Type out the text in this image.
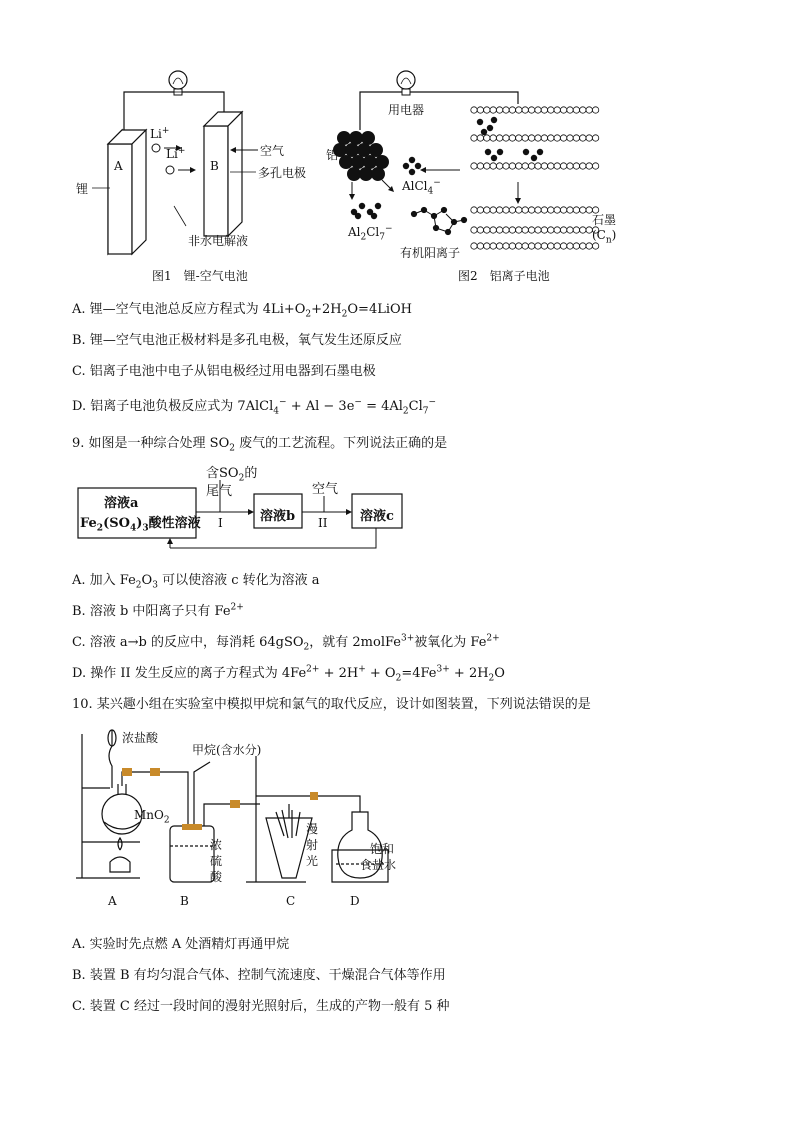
A	B
Li+
Li+
锂
空气
多孔电极
非水电解液
图1　锂-空气电池
用电器
铝
AlCl$_4$−
$Al_2Cl_7^-$
有机阳离子
石墨
$(C_n)$
图2　铝离子电池
A. 锂—空气电池总反应方程式为 $4Li+O_2+2H_2O=4LiOH$
B. 锂—空气电池正极材料是多孔电极，氧气发生还原反应
C. 铝离子电池中电子从铝电极经过用电器到石墨电极
D. 铝离子电池负极反应式为 7AlCl$_4$− + $Al - 3e^- = 4Al_2Cl_7^-$
9. 如图是一种综合处理 $SO_2$ 废气的工艺流程。下列说法正确的是
溶液a
$Fe_2(SO_4)_3$酸性溶液
含$SO_2$的
尾气
I	溶液b
空气
II	溶液c
A. 加入 $Fe_2O_3$ 可以使溶液 c 转化为溶液 a
B. 溶液 b 中阳离子只有 $Fe^{2+}$
C. 溶液 a→b 的反应中，每消耗 64gSO$_2$，就有 2molFe$^{3+}$被氧化为 $Fe^{2+}$
D. 操作 II 发生反应的离子方程式为 $4Fe^{2+} + 2H^+ + O_2=4Fe^{3+} + 2H_2O$
10. 某兴趣小组在实验室中模拟甲烷和氯气的取代反应，设计如图装置，下列说法错误的是
浓盐酸
甲烷(含水分)
MnO$_2$
浓
硫
酸
漫
射
光
饱和
食盐水
A	B	C	D
A. 实验时先点燃 A 处酒精灯再通甲烷
B. 装置 B 有均匀混合气体、控制气流速度、干燥混合气体等作用
C. 装置 C 经过一段时间的漫射光照射后，生成的产物一般有 5 种
